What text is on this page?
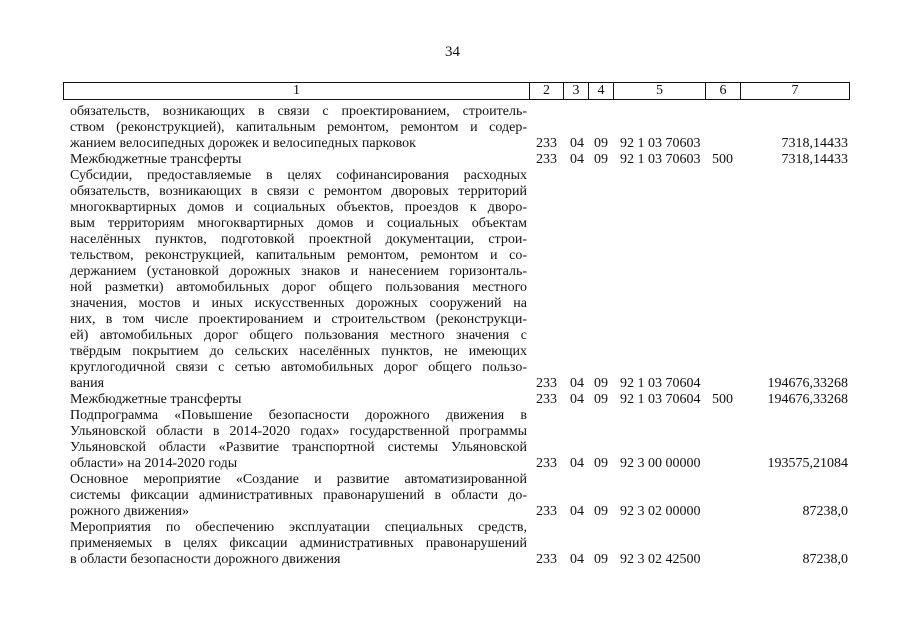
34
1	2	3	4	5	6	7
обязательств, возникающих в связи с проектированием, строитель-
ством (реконструкцией), капитальным ремонтом, ремонтом и содер-
жанием велосипедных дорожек и велосипедных парковок	233 04 09 92 1 03 70603	7318,14433
Межбюджетные трансферты	233 04 09 92 1 03 70603 500	7318,14433
Субсидии, предоставляемые в целях софинансирования расходных
обязательств, возникающих в связи с ремонтом дворовых территорий
многоквартирных домов и социальных объектов, проездов к дворо-
вым территориям многоквартирных домов и социальных объектам
населённых пунктов, подготовкой проектной документации, строи-
тельством, реконструкцией, капитальным ремонтом, ремонтом и со-
держанием (установкой дорожных знаков и нанесением горизонталь-
ной разметки) автомобильных дорог общего пользования местного
значения, мостов и иных искусственных дорожных сооружений на
них, в том числе проектированием и строительством (реконструкци-
ей) автомобильных дорог общего пользования местного значения с
твёрдым покрытием до сельских населённых пунктов, не имеющих
круглогодичной связи с сетью автомобильных дорог общего пользо-
вания	233 04 09 92 1 03 70604	194676,33268
Межбюджетные трансферты	233 04 09 92 1 03 70604 500 194676,33268
Подпрограмма «Повышение безопасности дорожного движения в
Ульяновской области в 2014-2020 годах» государственной программы
Ульяновской области «Развитие транспортной системы Ульяновской
области» на 2014-2020 годы	233 04 09 92 3 00 00000	193575,21084
Основное мероприятие «Создание и развитие автоматизированной
системы фиксации административных правонарушений в области до-
рожного движения»	233 04 09 92 3 02 00000	87238,0
Мероприятия по обеспечению эксплуатации специальных средств,
применяемых в целях фиксации административных правонарушений
в области безопасности дорожного движения	233 04 09 92 3 02 42500	87238,0
